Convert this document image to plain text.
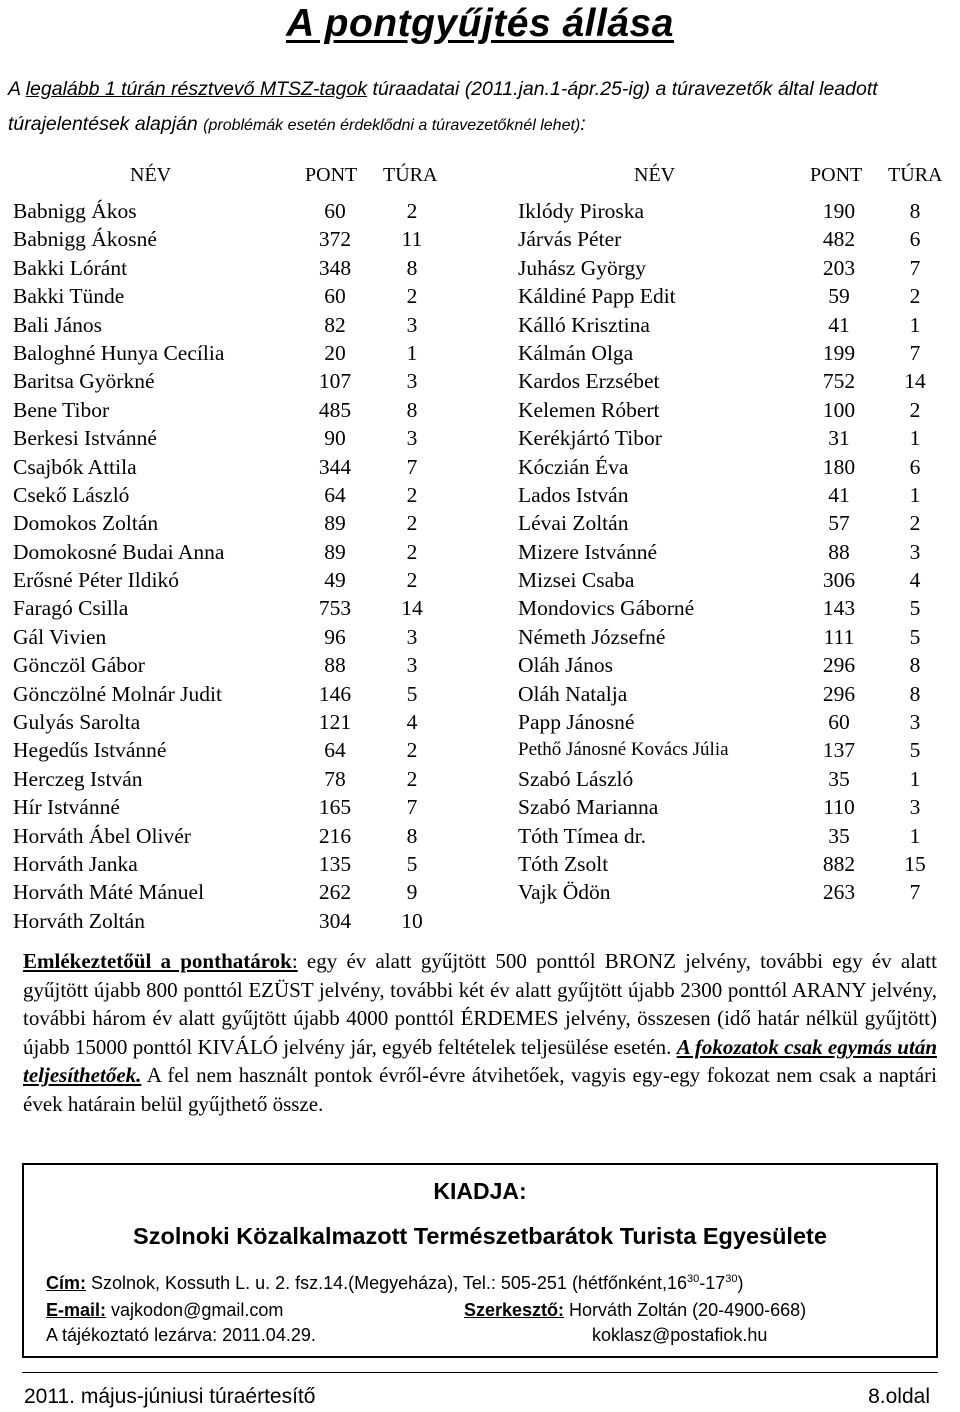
A pontgyűjtés állása
A legalább 1 túrán résztvevő MTSZ-tagok túraadatai (2011.jan.1-ápr.25-ig) a túravezetők által leadott túrajelentések alapján (problémák esetén érdeklődni a túravezetőknél lehet):
NÉV	PONT TÚRA	NÉV	PONT TÚRA
Babnigg Ákos	60	2
Babnigg Ákosné	372	11
Bakki Lóránt	348	8
Bakki Tünde	60	2
Bali János	82	3
Baloghné Hunya Cecília	20	1
Baritsa Györkné	107	3
Bene Tibor	485	8
Berkesi Istvánné	90	3
Csajbók Attila	344	7
Csekő László	64	2
Domokos Zoltán	89	2
Domokosné Budai Anna	89	2
Erősné Péter Ildikó	49	2
Faragó Csilla	753	14
Gál Vivien	96	3
Gönczöl Gábor	88	3
Gönczölné Molnár Judit	146	5
Gulyás Sarolta	121	4
Hegedűs Istvánné	64	2
Herczeg István	78	2
Hír Istvánné	165	7
Horváth Ábel Olivér	216	8
Horváth Janka	135	5
Horváth Máté Mánuel	262	9
Horváth Zoltán	304	10
Iklódy Piroska	190	8
Járvás Péter	482	6
Juhász György	203	7
Káldiné Papp Edit	59	2
Kálló Krisztina	41	1
Kálmán Olga	199	7
Kardos Erzsébet	752	14
Kelemen Róbert	100	2
Kerékjártó Tibor	31	1
Kóczián Éva	180	6
Lados István	41	1
Lévai Zoltán	57	2
Mizere Istvánné	88	3
Mizsei Csaba	306	4
Mondovics Gáborné	143	5
Németh Józsefné	111	5
Oláh János	296	8
Oláh Natalja	296	8
Papp Jánosné	60	3
Pethő Jánosné Kovács Júlia	137	5
Szabó László	35	1
Szabó Marianna	110	3
Tóth Tímea dr.	35	1
Tóth Zsolt	882	15
Vajk Ödön	263	7
Emlékeztetőül a ponthatárok: egy év alatt gyűjtött 500 ponttól BRONZ jelvény, további egy év alatt gyűjtött újabb 800 ponttól EZÜST jelvény, további két év alatt gyűjtött újabb 2300 ponttól ARANY jelvény, további három év alatt gyűjtött újabb 4000 ponttól ÉRDEMES jelvény, összesen (idő határ nélkül gyűjtött) újabb 15000 ponttól KIVÁLÓ jelvény jár, egyéb feltételek teljesülése esetén. A fokozatok csak egymás után teljesíthetőek. A fel nem használt pontok évről-évre átvihetőek, vagyis egy-egy fokozat nem csak a naptári évek határain belül gyűjthető össze.
KIADJA:
Szolnoki Közalkalmazott Természetbarátok Turista Egyesülete
Cím: Szolnok, Kossuth L. u. 2. fsz.14.(Megyeháza), Tel.: 505-251 $(hétfőnként,16^{30}-17^{30})$
E-mail: vajkodon@gmail.com	Szerkesztő: Horváth Zoltán (20-4900-668)
A tájékoztató lezárva: 2011.04.29.	koklasz@postafiok.hu
2011. május-júniusi túraértesítő	8.oldal
